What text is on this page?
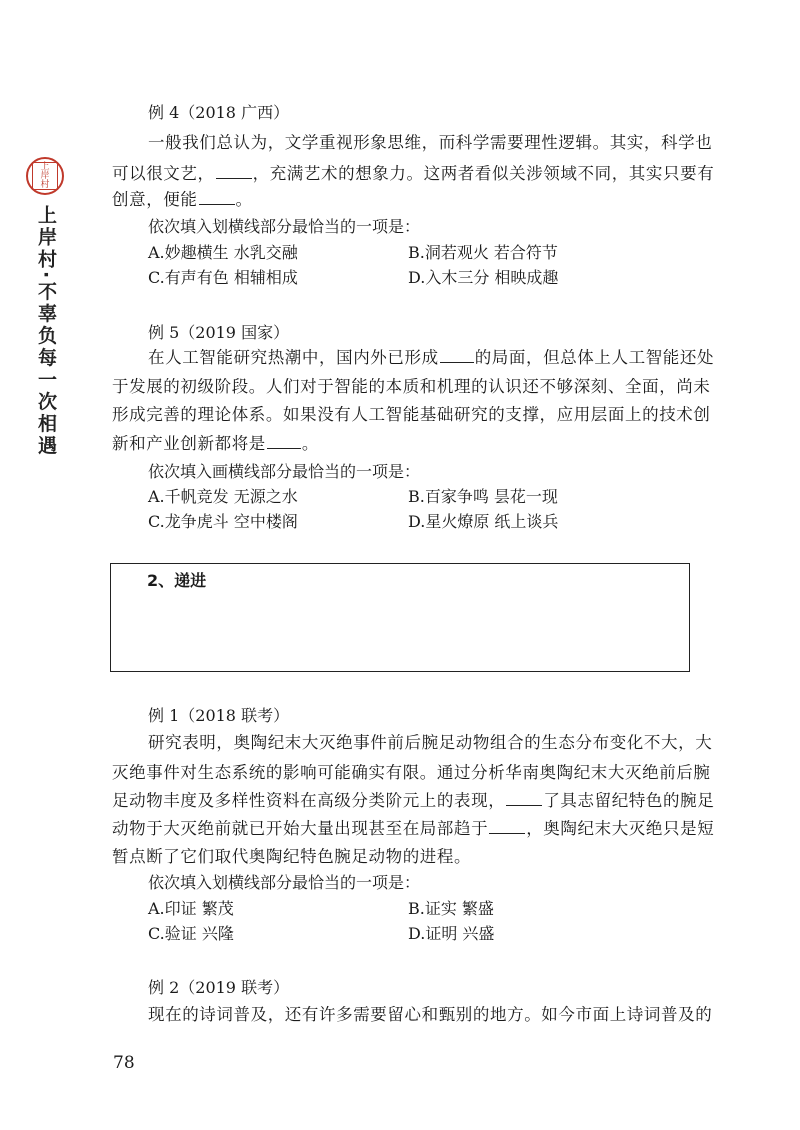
上
岸
村
上岸村·不辜负每一次相遇
例 4（2018 广西）
一般我们总认为，文学重视形象思维，而科学需要理性逻辑。其实，科学也
可以很文艺， ，充满艺术的想象力。这两者看似关涉领域不同，其实只要有
创意，便能 。
依次填入划横线部分最恰当的一项是：
A.妙趣横生 水乳交融	B.洞若观火 若合符节
C.有声有色 相辅相成	D.入木三分 相映成趣
例 5（2019 国家）
在人工智能研究热潮中，国内外已形成 的局面，但总体上人工智能还处
于发展的初级阶段。人们对于智能的本质和机理的认识还不够深刻、全面，尚未
形成完善的理论体系。如果没有人工智能基础研究的支撑，应用层面上的技术创
新和产业创新都将是 。
依次填入画横线部分最恰当的一项是：
A.千帆竞发 无源之水	B.百家争鸣 昙花一现
C.龙争虎斗 空中楼阁	D.星火燎原 纸上谈兵
例 1（2018 联考）
研究表明，奥陶纪末大灭绝事件前后腕足动物组合的生态分布变化不大，大
灭绝事件对生态系统的影响可能确实有限。通过分析华南奥陶纪末大灭绝前后腕
足动物丰度及多样性资料在高级分类阶元上的表现， 了具志留纪特色的腕足
动物于大灭绝前就已开始大量出现甚至在局部趋于 ，奥陶纪末大灭绝只是短
暂点断了它们取代奥陶纪特色腕足动物的进程。
依次填入划横线部分最恰当的一项是：
A.印证 繁茂	B.证实 繁盛
C.验证 兴隆	D.证明 兴盛
例 2（2019 联考）
现在的诗词普及，还有许多需要留心和甄别的地方。如今市面上诗词普及的
2、递进
78
